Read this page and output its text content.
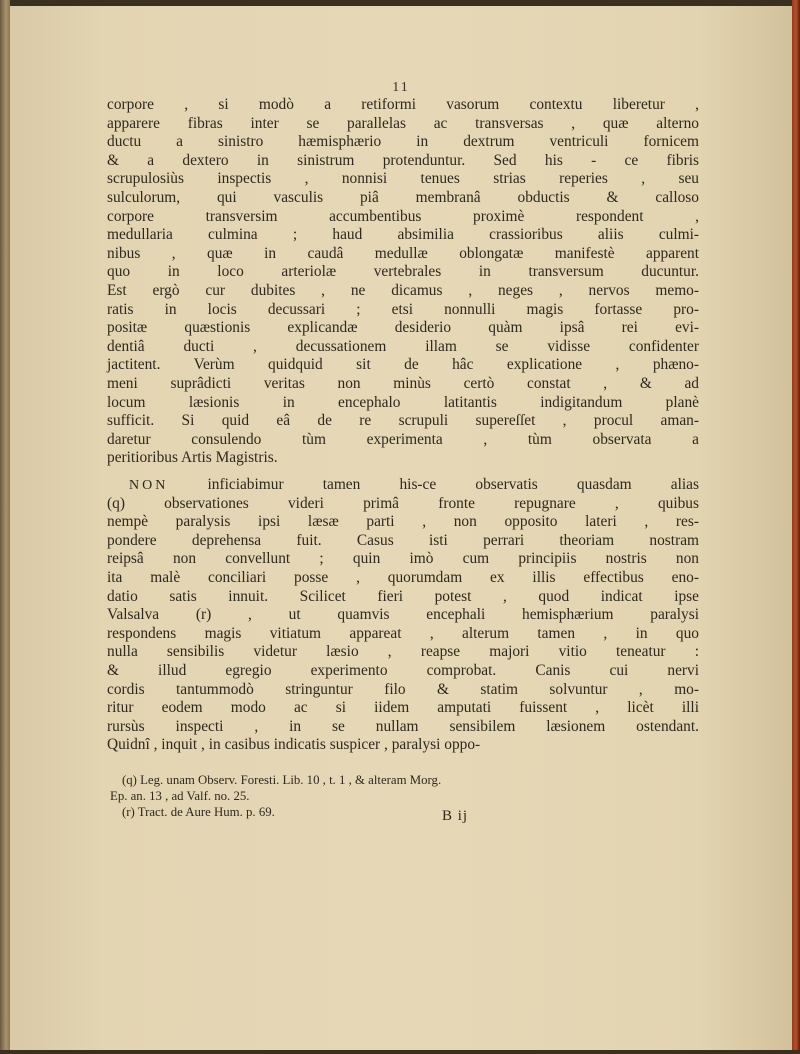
11
corpore , si modò a retiformi vasorum contextu liberetur ,
apparere fibras inter se parallelas ac transversas , quæ alterno
ductu a sinistro hæmisphærio in dextrum ventriculi fornicem
& a dextero in sinistrum protenduntur. Sed his - ce fibris
scrupulosiùs inspectis , nonnisi tenues strias reperies , seu
sulculorum, qui vasculis piâ membranâ obductis & calloso
corpore transversim accumbentibus proximè respondent ,
medullaria culmina ; haud absimilia crassioribus aliis culmi-
nibus , quæ in caudâ medullæ oblongatæ manifestè apparent
quo in loco arteriolæ vertebrales in transversum ducuntur.
Est ergò cur dubites , ne dicamus , neges , nervos memo-
ratis in locis decussari ; etsi nonnulli magis fortasse pro-
positæ quæstionis explicandæ desiderio quàm ipsâ rei evi-
dentiâ ducti , decussationem illam se vidisse confidenter
jactitent. Verùm quidquid sit de hâc explicatione , phæno-
meni suprâdicti veritas non minùs certò constat , & ad
locum læsionis in encephalo latitantis indigitandum planè
sufficit. Si quid eâ de re scrupuli supereſſet , procul aman-
daretur consulendo tùm experimenta , tùm observata a
peritioribus Artis Magistris.
NON inficiabimur tamen his-ce observatis quasdam alias
(q) observationes videri primâ fronte repugnare , quibus
nempè paralysis ipsi læsæ parti , non opposito lateri , res-
pondere deprehensa fuit. Casus isti perrari theoriam nostram
reipsâ non convellunt ; quin imò cum principiis nostris non
ita malè conciliari posse , quorumdam ex illis effectibus eno-
datio satis innuit. Scilicet fieri potest , quod indicat ipse
Valsalva (r) , ut quamvis encephali hemisphærium paralysi
respondens magis vitiatum appareat , alterum tamen , in quo
nulla sensibilis videtur læsio , reapse majori vitio teneatur :
& illud egregio experimento comprobat. Canis cui nervi
cordis tantummodò stringuntur filo & statim solvuntur , mo-
ritur eodem modo ac si iidem amputati fuissent , licèt illi
rursùs inspecti , in se nullam sensibilem læsionem ostendant.
Quidnî , inquit , in casibus indicatis suspicer , paralysi oppo-
(q) Leg. unam Observ. Foresti. Lib. 10 , t. 1 , & alteram Morg.
Ep. an. 13 , ad Valf. no. 25.
(r) Tract. de Aure Hum. p. 69.	B ij
